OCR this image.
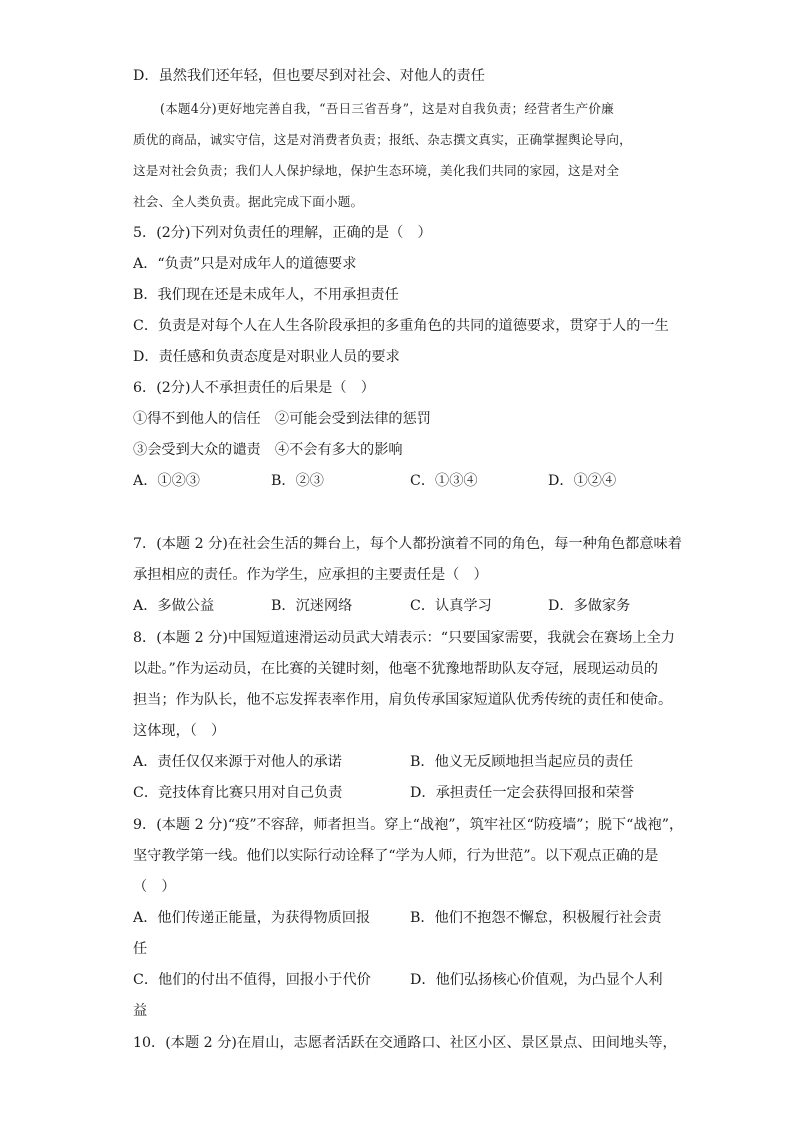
D．虽然我们还年轻，但也要尽到对社会、对他人的责任
(本题4分)更好地完善自我，“吾日三省吾身”，这是对自我负责；经营者生产价廉
质优的商品，诚实守信，这是对消费者负责；报纸、杂志撰文真实，正确掌握舆论导向，
这是对社会负责；我们人人保护绿地，保护生态环境，美化我们共同的家园，这是对全
社会、全人类负责。据此完成下面小题。
5．(2分)下列对负责任的理解，正确的是（　）
A．“负责”只是对成年人的道德要求
B．我们现在还是未成年人，不用承担责任
C．负责是对每个人在人生各阶段承担的多重角色的共同的道德要求，贯穿于人的一生
D．责任感和负责态度是对职业人员的要求
6．(2分)人不承担责任的后果是（　）
①得不到他人的信任　②可能会受到法律的惩罚
③会受到大众的谴责　④不会有多大的影响
A．①②③	B．②③	C．①③④	D．①②④
7．(本题 2 分)在社会生活的舞台上，每个人都扮演着不同的角色，每一种角色都意味着
承担相应的责任。作为学生，应承担的主要责任是（　）
A．多做公益	B．沉迷网络	C．认真学习	D．多做家务
8．(本题 2 分)中国短道速滑运动员武大靖表示：“只要国家需要，我就会在赛场上全力
以赴。”作为运动员，在比赛的关键时刻，他毫不犹豫地帮助队友夺冠，展现运动员的
担当；作为队长，他不忘发挥表率作用，肩负传承国家短道队优秀传统的责任和使命。
这体现，（　）
A．责任仅仅来源于对他人的承诺	B．他义无反顾地担当起应员的责任
C．竞技体育比赛只用对自己负责	D．承担责任一定会获得回报和荣誉
9．(本题 2 分)“疫”不容辞，师者担当。穿上“战袍”，筑牢社区“防疫墙”；脱下“战袍”，
坚守教学第一线。他们以实际行动诠释了“学为人师，行为世范”。以下观点正确的是
（　）
A．他们传递正能量，为获得物质回报	B．他们不抱怨不懈怠，积极履行社会责
任
C．他们的付出不值得，回报小于代价	D．他们弘扬核心价值观，为凸显个人利
益
10．(本题 2 分)在眉山，志愿者活跃在交通路口、社区小区、景区景点、田间地头等，
